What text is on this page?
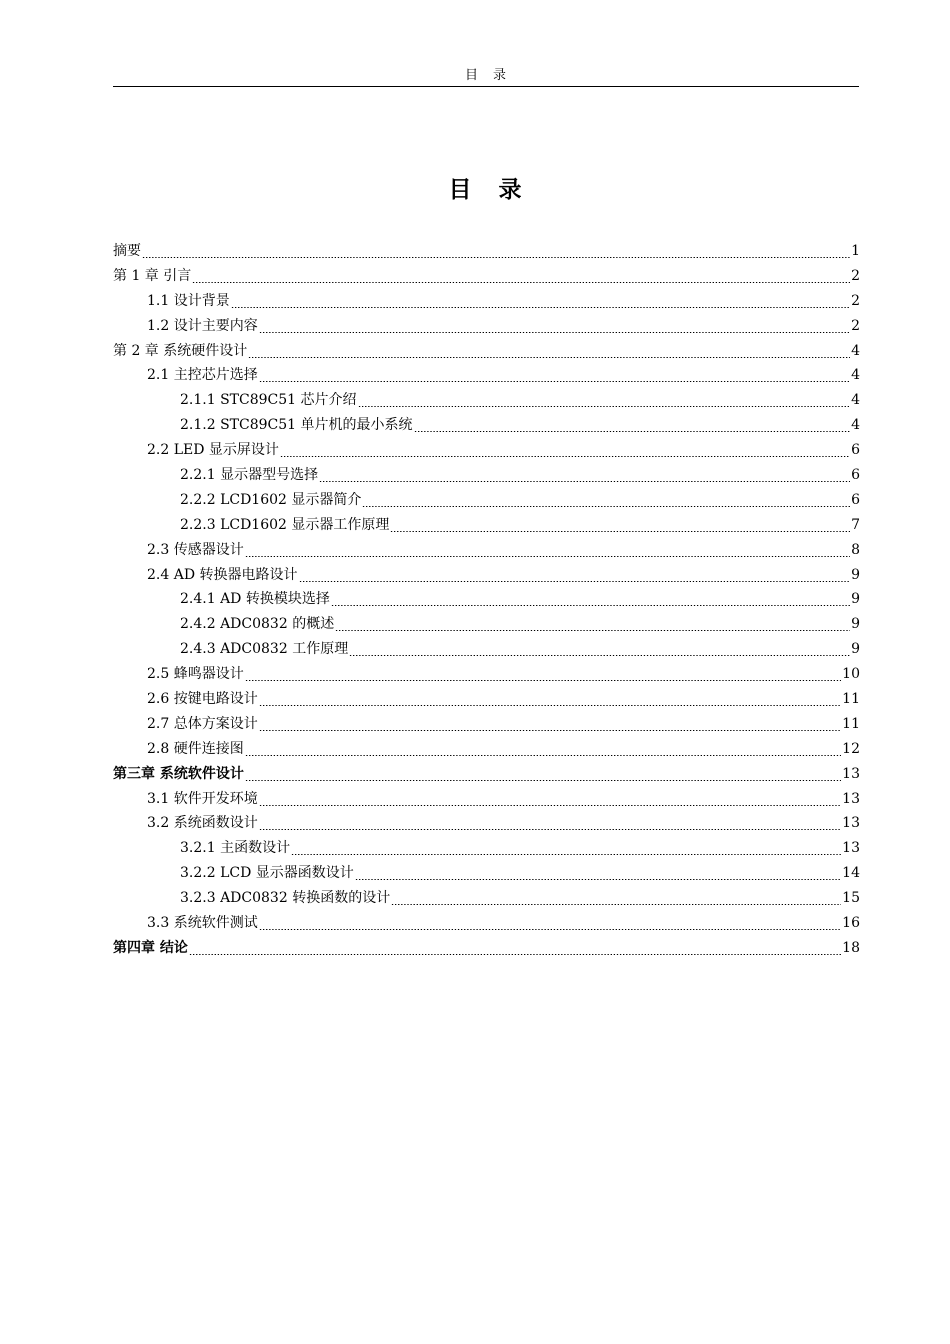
目　录
目　录
摘要	1
第 1 章 引言	2
1.1 设计背景	2
1.2 设计主要内容	2
第 2 章 系统硬件设计	4
2.1 主控芯片选择	4
2.1.1 STC89C51 芯片介绍	4
2.1.2 STC89C51 单片机的最小系统	4
2.2 LED 显示屏设计	6
2.2.1 显示器型号选择	6
2.2.2 LCD1602 显示器简介	6
2.2.3 LCD1602 显示器工作原理	7
2.3 传感器设计	8
2.4 AD 转换器电路设计	9
2.4.1 AD 转换模块选择	9
2.4.2 ADC0832 的概述	9
2.4.3 ADC0832 工作原理	9
2.5 蜂鸣器设计	10
2.6 按键电路设计	11
2.7 总体方案设计	11
2.8 硬件连接图	12
第三章 系统软件设计	13
3.1 软件开发环境	13
3.2 系统函数设计	13
3.2.1 主函数设计	13
3.2.2 LCD 显示器函数设计	14
3.2.3 ADC0832 转换函数的设计	15
3.3 系统软件测试	16
第四章 结论	18
